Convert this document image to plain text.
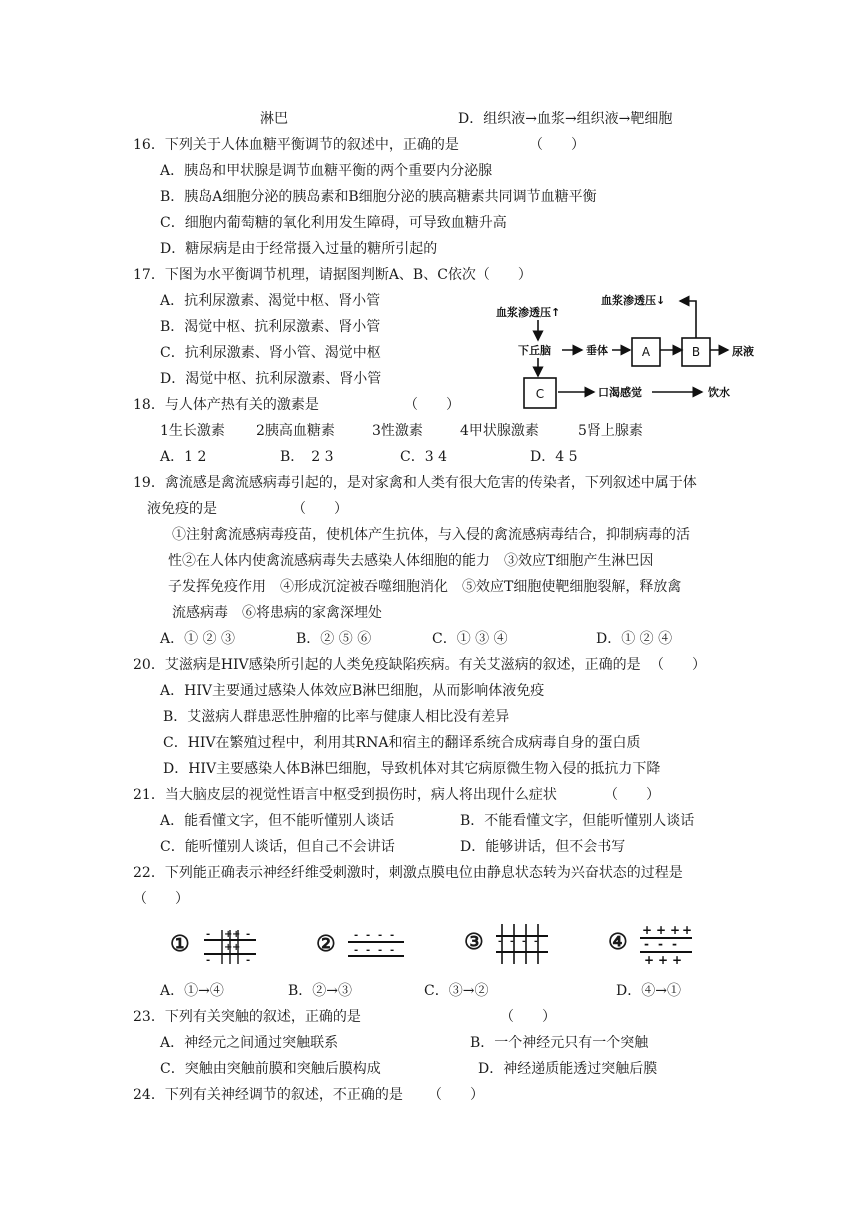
淋巴	D．组织液→血浆→组织液→靶细胞
16．下列关于人体血糖平衡调节的叙述中，正确的是	（　　）
A．胰岛和甲状腺是调节血糖平衡的两个重要内分泌腺
B．胰岛A细胞分泌的胰岛素和B细胞分泌的胰高糖素共同调节血糖平衡
C．细胞内葡萄糖的氧化利用发生障碍，可导致血糖升高
D．糖尿病是由于经常摄入过量的糖所引起的
17．下图为水平衡调节机理，请据图判断A、B、C依次（　　）
A．抗利尿激素、渴觉中枢、肾小管
B．渴觉中枢、抗利尿激素、肾小管
C．抗利尿激素、肾小管、渴觉中枢
D．渴觉中枢、抗利尿激素、肾小管
血浆渗透压↑
血浆渗透压↓
下丘脑	垂体	尿液
口渴感觉	饮水
A	B
C
18．与人体产热有关的激素是	（　　）
1生长激素 2胰高血糖素	3性激素	4甲状腺激素	5肾上腺素
A．1 2	B．　2 3	C．3 4	D．4 5
19．禽流感是禽流感病毒引起的，是对家禽和人类有很大危害的传染者，下列叙述中属于体
液免疫的是	（　　）
①注射禽流感病毒疫苗，使机体产生抗体，与入侵的禽流感病毒结合，抑制病毒的活
性②在人体内使禽流感病毒失去感染人体细胞的能力　③效应T细胞产生淋巴因
子发挥免疫作用　④形成沉淀被吞噬细胞消化　⑤效应T细胞使靶细胞裂解，释放禽
流感病毒　⑥将患病的家禽深埋处
A．① ② ③	B．② ⑤ ⑥	C．① ③ ④	D．① ② ④
20．艾滋病是HIV感染所引起的人类免疫缺陷疾病。有关艾滋病的叙述，正确的是 （　　）
A．HIV主要通过感染人体效应B淋巴细胞，从而影响体液免疫
B．艾滋病人群患恶性肿瘤的比率与健康人相比没有差异
C．HIV在繁殖过程中，利用其RNA和宿主的翻译系统合成病毒自身的蛋白质
D．HIV主要感染人体B淋巴细胞，导致机体对其它病原微生物入侵的抵抗力下降
21．当大脑皮层的视觉性语言中枢受到损伤时，病人将出现什么症状	（　　）
A．能看懂文字，但不能听懂别人谈话	B．不能看懂文字，但能听懂别人谈话
C．能听懂别人谈话，但自己不会讲话	D．能够讲话，但不会书写
22．下列能正确表示神经纤维受刺激时，刺激点膜电位由静息状态转为兴奋状态的过程是
（　　）
① -	-
+ +
+ +
-	-
② - - - -
- - - -	③ - - - -	④ + + + +
- - -
+ + +
A．①→④	B．②→③	C．③→②	D．④→①
23．下列有关突触的叙述，正确的是	（　　）
A．神经元之间通过突触联系	B．一个神经元只有一个突触
C．突触由突触前膜和突触后膜构成	D．神经递质能透过突触后膜
24．下列有关神经调节的叙述，不正确的是 （　　）
